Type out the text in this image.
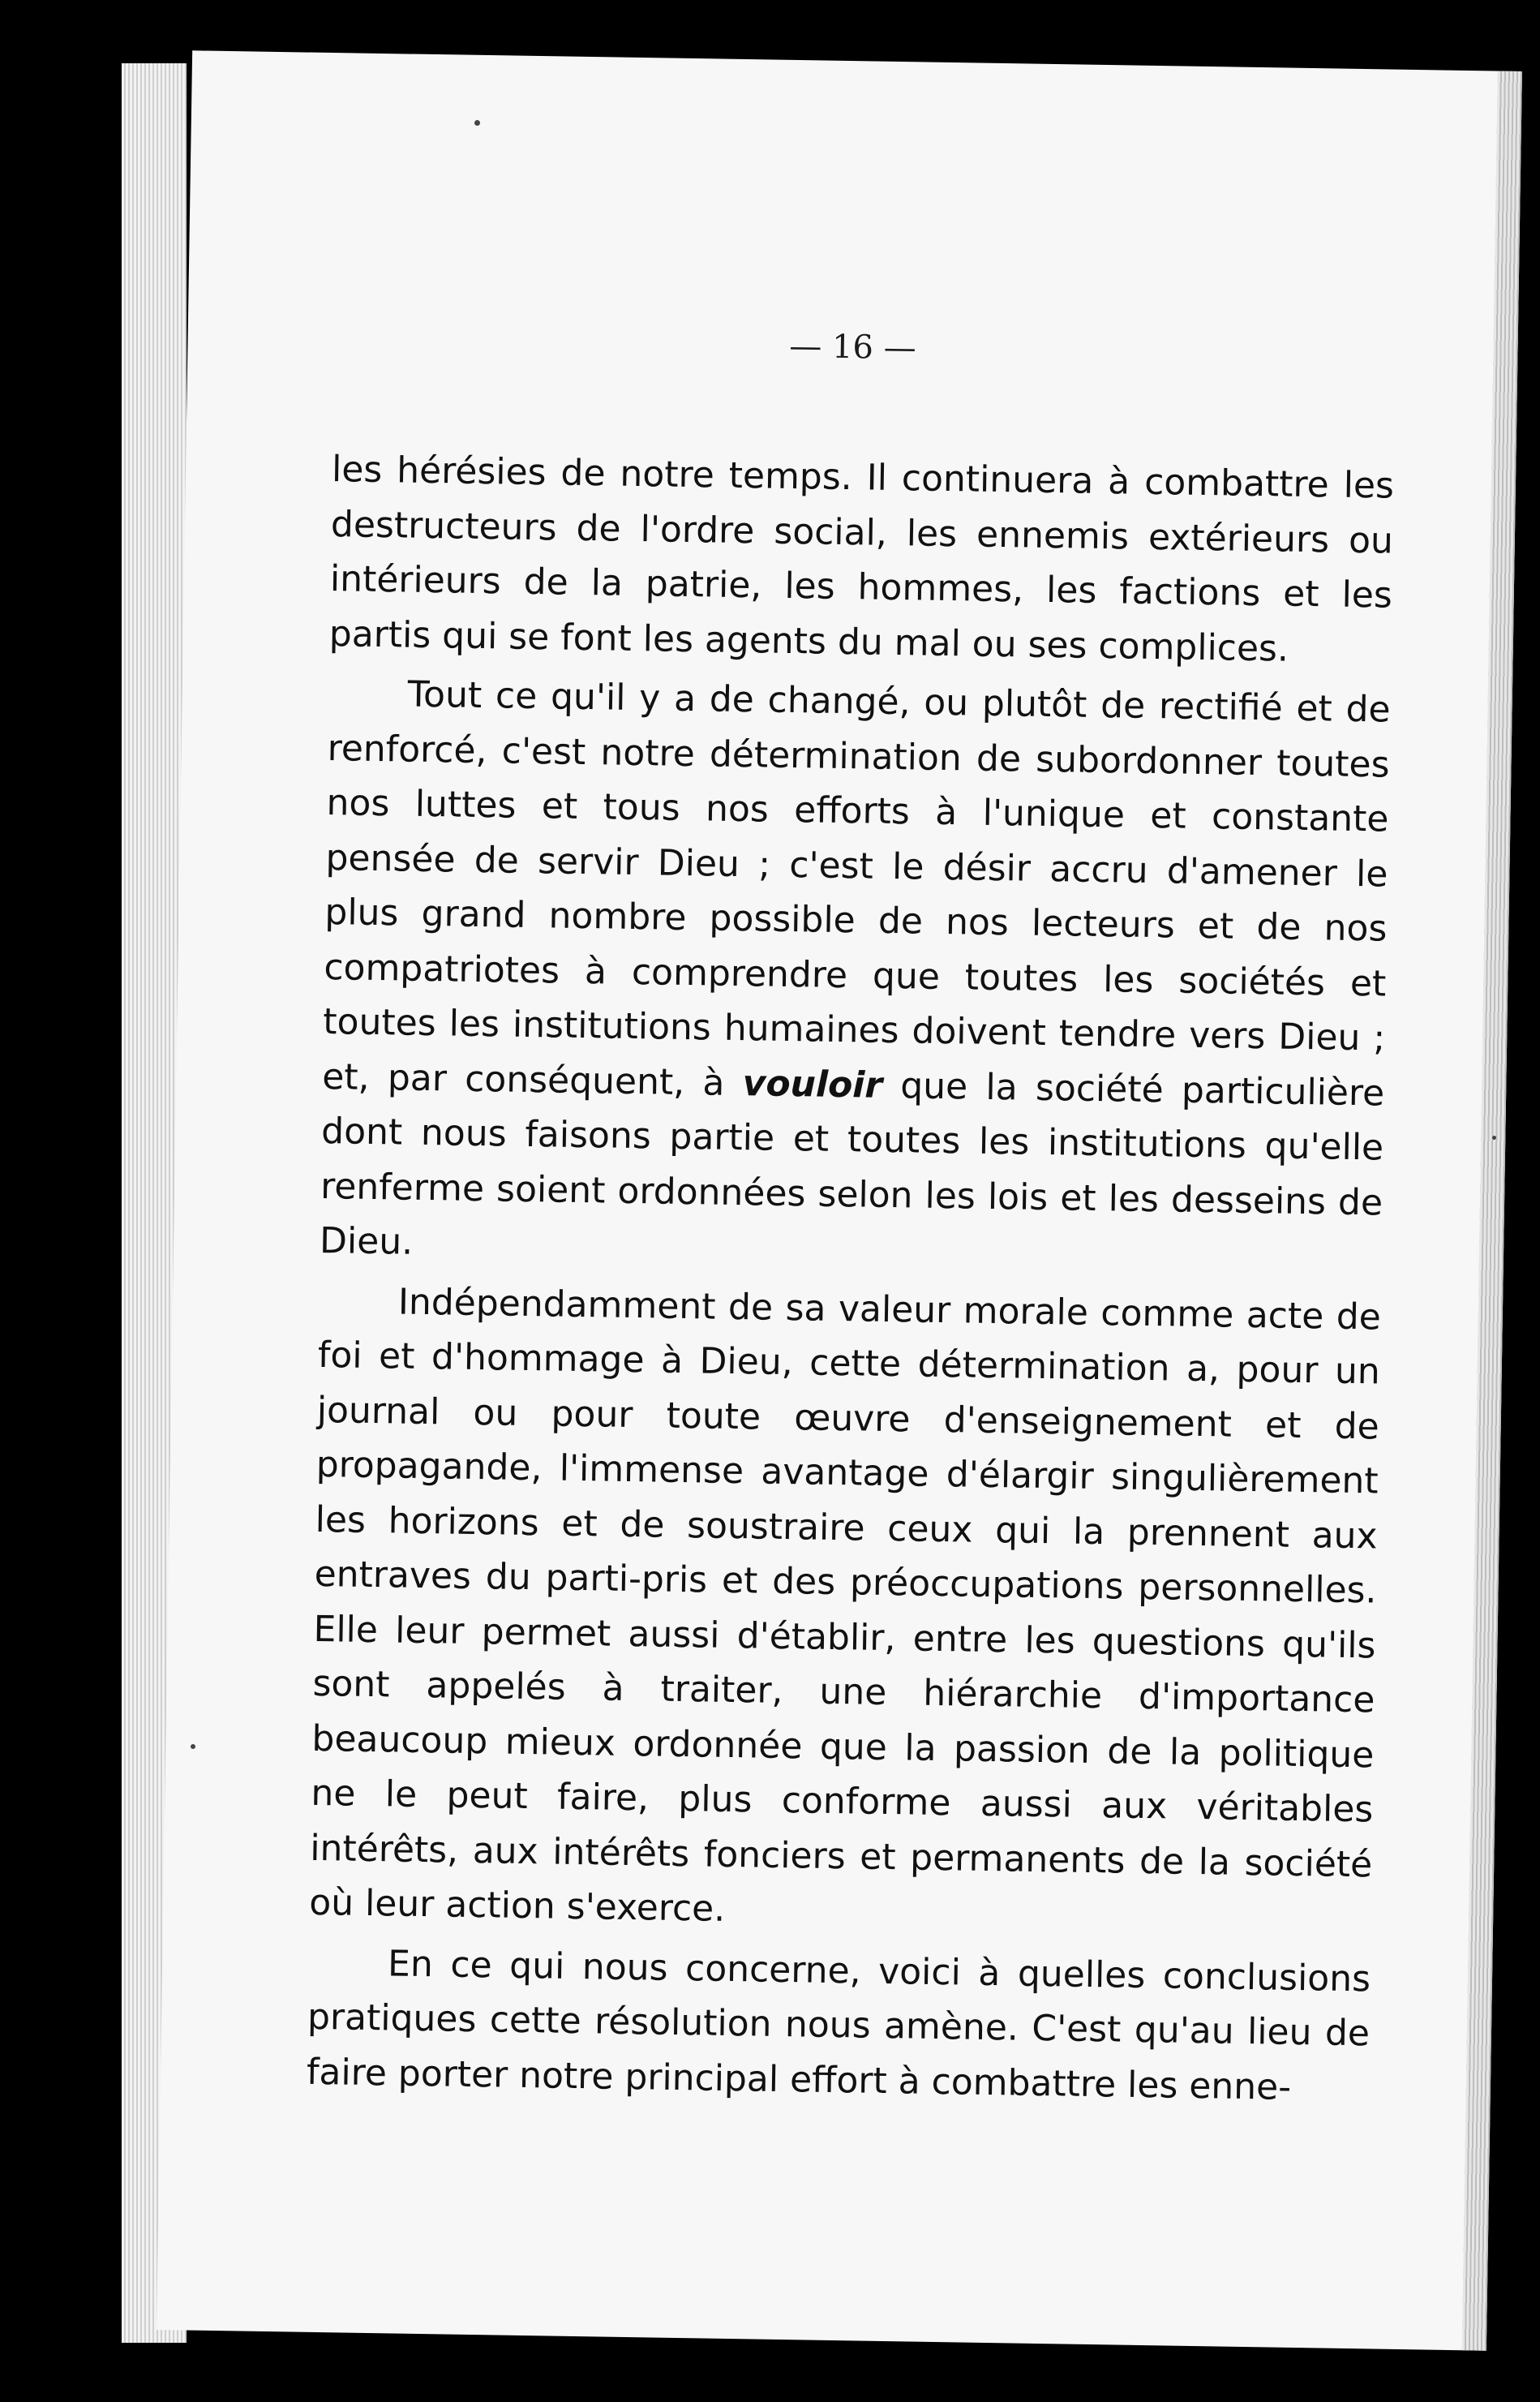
— 16 —

les hérésies de notre temps. Il continuera à combattre les destructeurs de l'ordre social, les ennemis extérieurs ou intérieurs de la patrie, les hommes, les factions et les partis qui se font les agents du mal ou ses complices.

Tout ce qu'il y a de changé, ou plutôt de rectifié et de renforcé, c'est notre détermination de subordonner toutes nos luttes et tous nos efforts à l'unique et constante pensée de servir Dieu ; c'est le désir accru d'amener le plus grand nombre possible de nos lecteurs et de nos compatriotes à comprendre que toutes les sociétés et toutes les institutions humaines doivent tendre vers Dieu ; et, par conséquent, à vouloir que la société particulière dont nous faisons partie et toutes les institutions qu'elle renferme soient ordonnées selon les lois et les desseins de Dieu.

Indépendamment de sa valeur morale comme acte de foi et d'hommage à Dieu, cette détermination a, pour un journal ou pour toute œuvre d'enseignement et de propagande, l'immense avantage d'élargir singulièrement les horizons et de soustraire ceux qui la prennent aux entraves du parti-pris et des préoccupations personnelles. Elle leur permet aussi d'établir, entre les questions qu'ils sont appelés à traiter, une hiérarchie d'importance beaucoup mieux ordonnée que la passion de la politique ne le peut faire, plus conforme aussi aux véritables intérêts, aux intérêts fonciers et permanents de la société où leur action s'exerce.

En ce qui nous concerne, voici à quelles conclusions pratiques cette résolution nous amène. C'est qu'au lieu de faire porter notre principal effort à combattre les enne-
